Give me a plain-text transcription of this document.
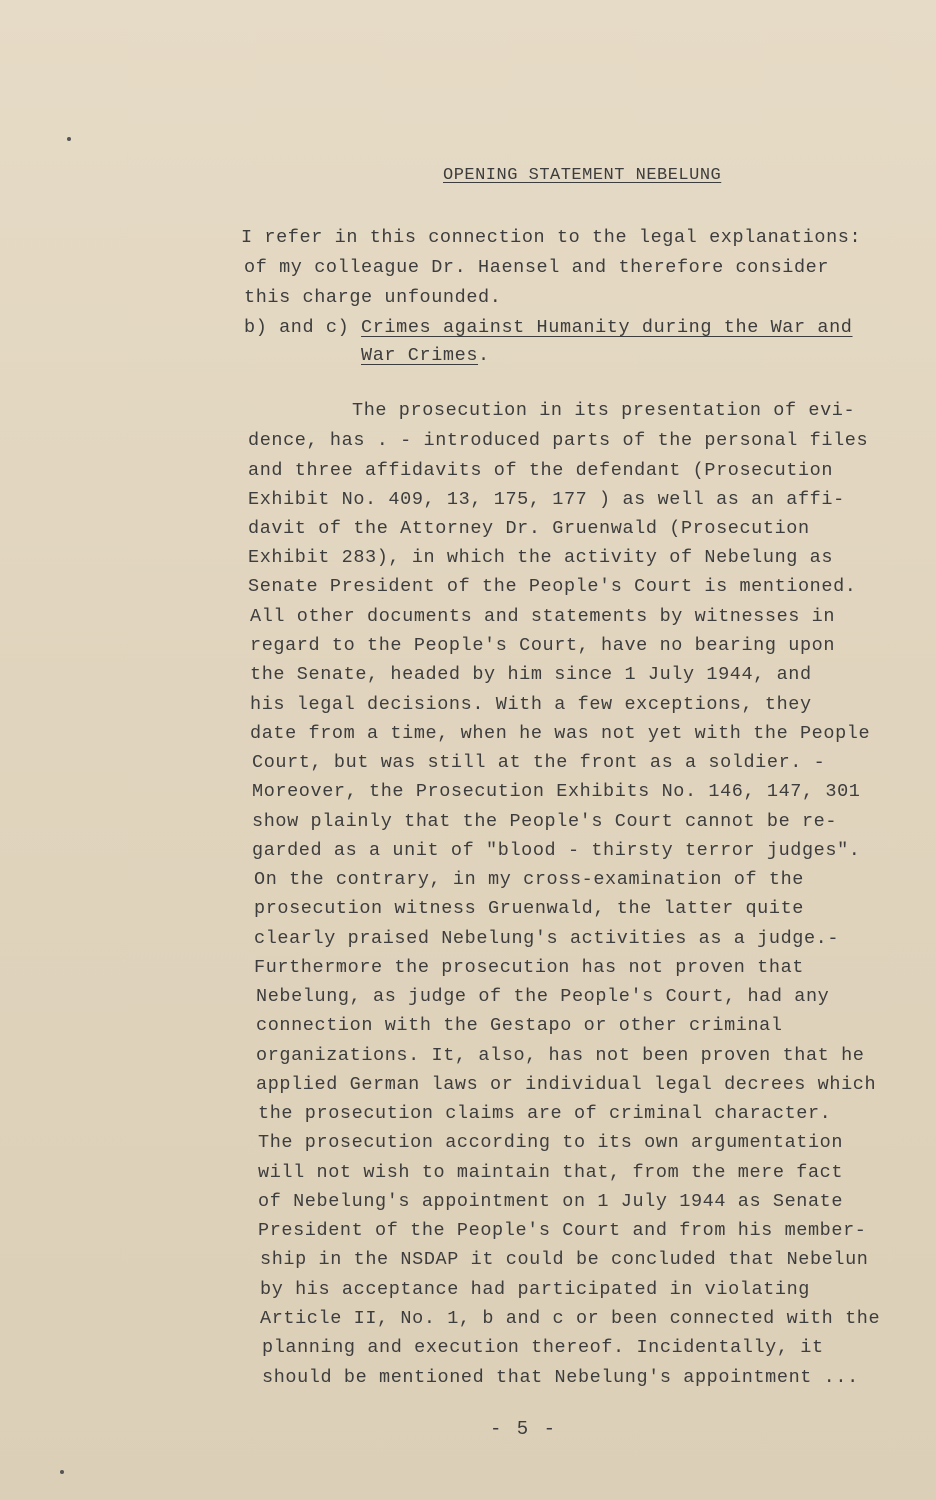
OPENING STATEMENT NEBELUNG
I refer in this connection to the legal explanations:
of my colleague Dr. Haensel and therefore consider
this charge unfounded.
b) and c) Crimes against Humanity during the War and
War Crimes.
The prosecution in its presentation of evi-
dence, has . - introduced parts of the personal files
and three affidavits of the defendant (Prosecution
Exhibit No. 409, 13, 175, 177 ) as well as an affi-
davit of the Attorney Dr. Gruenwald (Prosecution
Exhibit 283), in which the activity of Nebelung as
Senate President of the People's Court is mentioned.
All other documents and statements by witnesses in
regard to the People's Court, have no bearing upon
the Senate, headed by him since 1 July 1944, and
his legal decisions. With a few exceptions, they
date from a time, when he was not yet with the People
Court, but was still at the front as a soldier. -
Moreover, the Prosecution Exhibits No. 146, 147, 301
show plainly that the People's Court cannot be re-
garded as a unit of "blood - thirsty terror judges".
On the contrary, in my cross-examination of the
prosecution witness Gruenwald, the latter quite
clearly praised Nebelung's activities as a judge.-
Furthermore the prosecution has not proven that
Nebelung, as judge of the People's Court, had any
connection with the Gestapo or other criminal
organizations. It, also, has not been proven that he
applied German laws or individual legal decrees which
the prosecution claims are of criminal character.
The prosecution according to its own argumentation
will not wish to maintain that, from the mere fact
of Nebelung's appointment on 1 July 1944 as Senate
President of the People's Court and from his member-
ship in the NSDAP it could be concluded that Nebelun
by his acceptance had participated in violating
Article II, No. 1, b and c or been connected with the
planning and execution thereof. Incidentally, it
should be mentioned that Nebelung's appointment ...
- 5 -
